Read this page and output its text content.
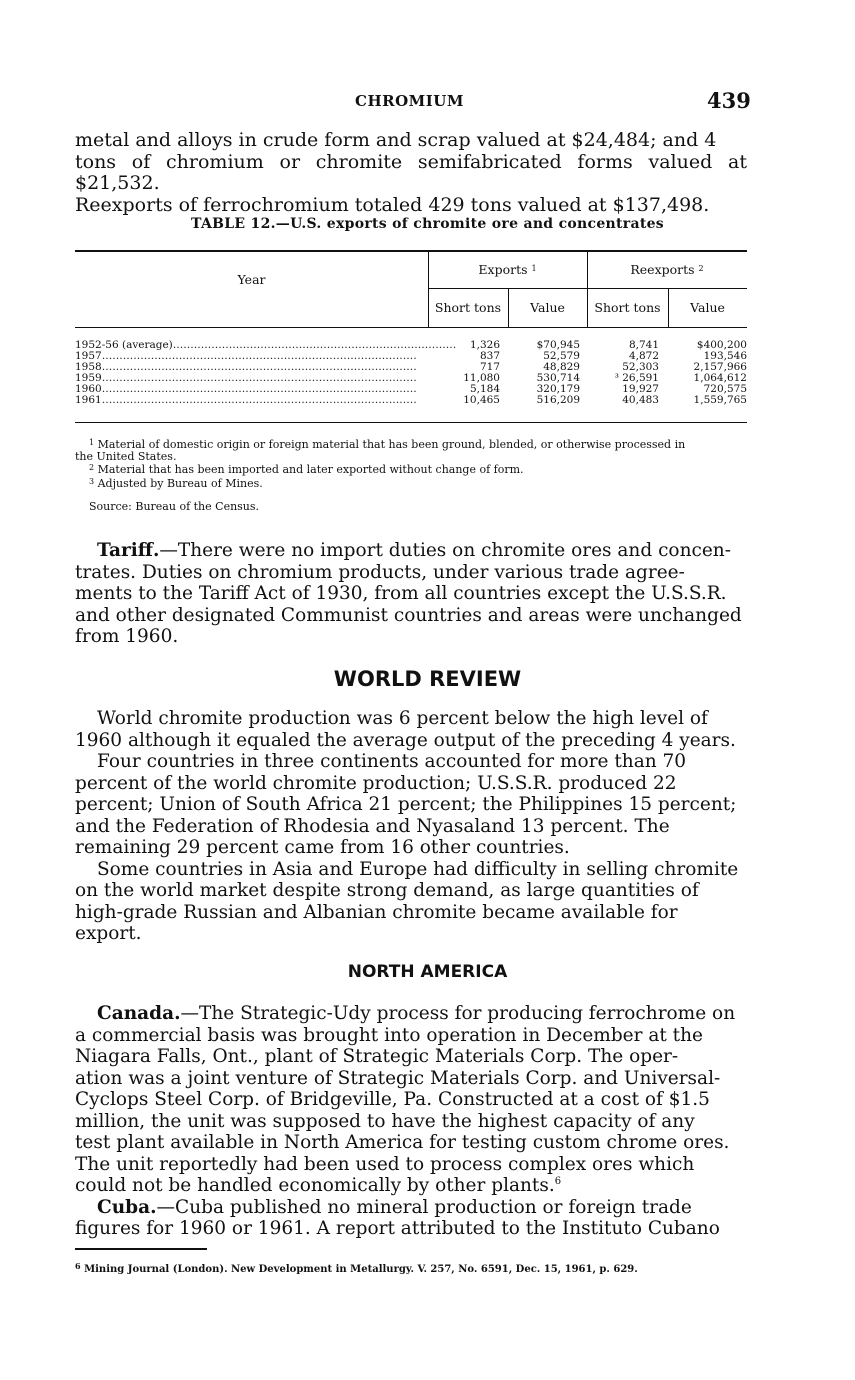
CHROMIUM	439
metal and alloys in crude form and scrap valued at $24,484; and 4
tons of chromium or chromite semifabricated forms valued at $21,532.
Reexports of ferrochromium totaled 429 tons valued at $137,498.
TABLE 12.—U.S. exports of chromite ore and concentrates
Year
Exports $^1$	Reexports $^2$
Short tons	Value	Short tons	Value
1952-56 (average)………………………………………………………………………	1,326	$70,945	8,741	$400,200
1957………………………………………………………………………………	837	52,579	4,872	193,546
1958………………………………………………………………………………	717	48,829	52,303	2,157,966
1959………………………………………………………………………………	11,080	530,714	³ 26,591	1,064,612
1960………………………………………………………………………………	5,184	320,179	19,927	720,575
1961………………………………………………………………………………	10,465	516,209	40,483	1,559,765
$^1$ Material of domestic origin or foreign material that has been ground, blended, or otherwise processed in
the United States.
$^2$ Material that has been imported and later exported without change of form.
$^3$ Adjusted by Bureau of Mines.
Source: Bureau of the Census.
Tariff.—There were no import duties on chromite ores and concen-
trates. Duties on chromium products, under various trade agree-
ments to the Tariff Act of 1930, from all countries except the U.S.S.R.
and other designated Communist countries and areas were unchanged
from 1960.
WORLD REVIEW
World chromite production was 6 percent below the high level of
1960 although it equaled the average output of the preceding 4 years.
Four countries in three continents accounted for more than 70
percent of the world chromite production; U.S.S.R. produced 22
percent; Union of South Africa 21 percent; the Philippines 15 percent;
and the Federation of Rhodesia and Nyasaland 13 percent. The
remaining 29 percent came from 16 other countries.
Some countries in Asia and Europe had difficulty in selling chromite
on the world market despite strong demand, as large quantities of
high-grade Russian and Albanian chromite became available for
export.
NORTH AMERICA
Canada.—The Strategic-Udy process for producing ferrochrome on
a commercial basis was brought into operation in December at the
Niagara Falls, Ont., plant of Strategic Materials Corp. The oper-
ation was a joint venture of Strategic Materials Corp. and Universal-
Cyclops Steel Corp. of Bridgeville, Pa. Constructed at a cost of $1.5
million, the unit was supposed to have the highest capacity of any
test plant available in North America for testing custom chrome ores.
The unit reportedly had been used to process complex ores which
could not be handled economically by other plants.$^6$
Cuba.—Cuba published no mineral production or foreign trade
figures for 1960 or 1961. A report attributed to the Instituto Cubano
$^6$ Mining Journal (London). New Development in Metallurgy. V. 257, No. 6591, Dec. 15, 1961, p. 629.
